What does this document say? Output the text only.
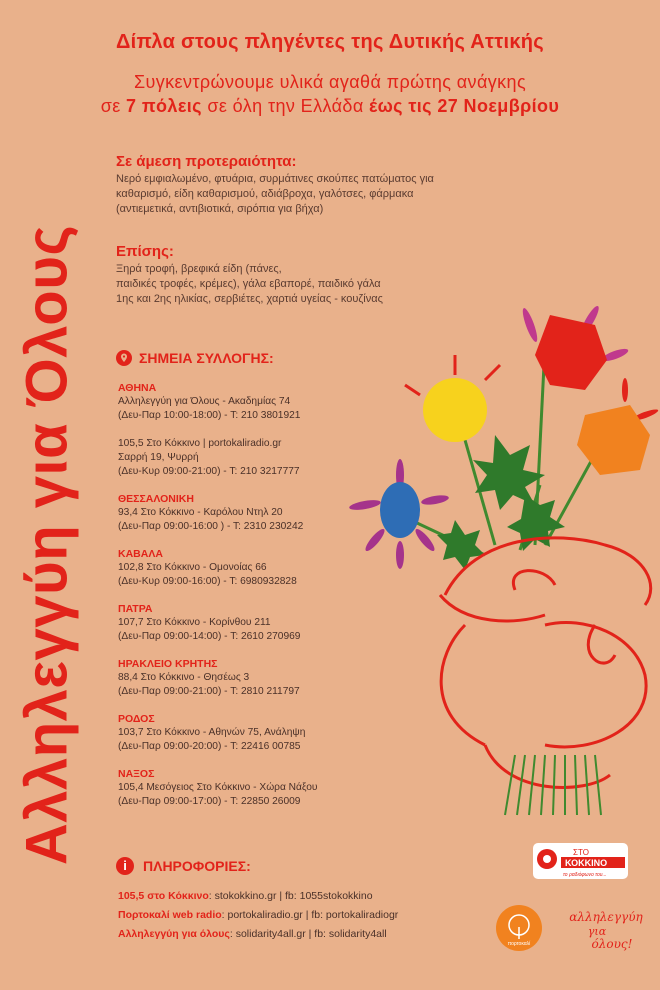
Δίπλα στους πληγέντες της Δυτικής Αττικής
Συγκεντρώνουμε υλικά αγαθά πρώτης ανάγκης
σε 7 πόλεις σε όλη την Ελλάδα έως τις 27 Νοεμβρίου
Αλληλεγγύη για Όλους
Σε άμεση προτεραιότητα:
Νερό εμφιαλωμένο, φτυάρια, συρμάτινες σκούπες πατώματος για
καθαρισμό, είδη καθαρισμού, αδιάβροχα, γαλότσες, φάρμακα
(αντιεμετικά, αντιβιοτικά, σιρόπια για βήχα)
Επίσης:
Ξηρά τροφή, βρεφικά είδη (πάνες,
παιδικές τροφές, κρέμες), γάλα εβαπορέ, παιδικό γάλα
1ης και 2ης ηλικίας, σερβιέτες, χαρτιά υγείας - κουζίνας
ΣΗΜΕΙΑ ΣΥΛΛΟΓΗΣ:
ΑΘΗΝΑ
Αλληλεγγύη για Όλους - Ακαδημίας 74
(Δευ-Παρ 10:00-18:00) - Τ: 210 3801921
105,5 Στο Κόκκινο | portokaliradio.gr
Σαρρή 19, Ψυρρή
(Δευ-Κυρ 09:00-21:00) - Τ: 210 3217777
ΘΕΣΣΑΛΟΝΙΚΗ
93,4 Στο Κόκκινο - Καρόλου Ντηλ 20
(Δευ-Παρ 09:00-16:00 ) - Τ: 2310 230242
ΚΑΒΑΛΑ
102,8 Στο Κόκκινο - Ομονοίας 66
(Δευ-Κυρ 09:00-16:00) - Τ: 6980932828
ΠΑΤΡΑ
107,7 Στο Κόκκινο - Κορίνθου 211
(Δευ-Παρ 09:00-14:00) - Τ: 2610 270969
ΗΡΑΚΛΕΙΟ ΚΡΗΤΗΣ
88,4 Στο Κόκκινο - Θησέως 3
(Δευ-Παρ 09:00-21:00) - Τ: 2810 211797
ΡΟΔΟΣ
103,7 Στο Κόκκινο - Αθηνών 75, Ανάληψη
(Δευ-Παρ 09:00-20:00) - Τ: 22416 00785
ΝΑΞΟΣ
105,4 Μεσόγειος Στο Κόκκινο - Χώρα Νάξου
(Δευ-Παρ 09:00-17:00) - Τ: 22850 26009
i	ΠΛΗΡΟΦΟΡΙΕΣ:
105,5 στο Κόκκινο: stokokkino.gr | fb: 1055stokokkino
Πορτοκαλί web radio: portokaliradio.gr | fb: portokaliradiogr
Αλληλεγγύη για όλους: solidarity4all.gr | fb: solidarity4all
ΣΤΟ
ΚΟΚΚΙΝΟ
το ραδιόφωνο του...
πορτοκαλί
αλληλεγγύη
για
όλους!
